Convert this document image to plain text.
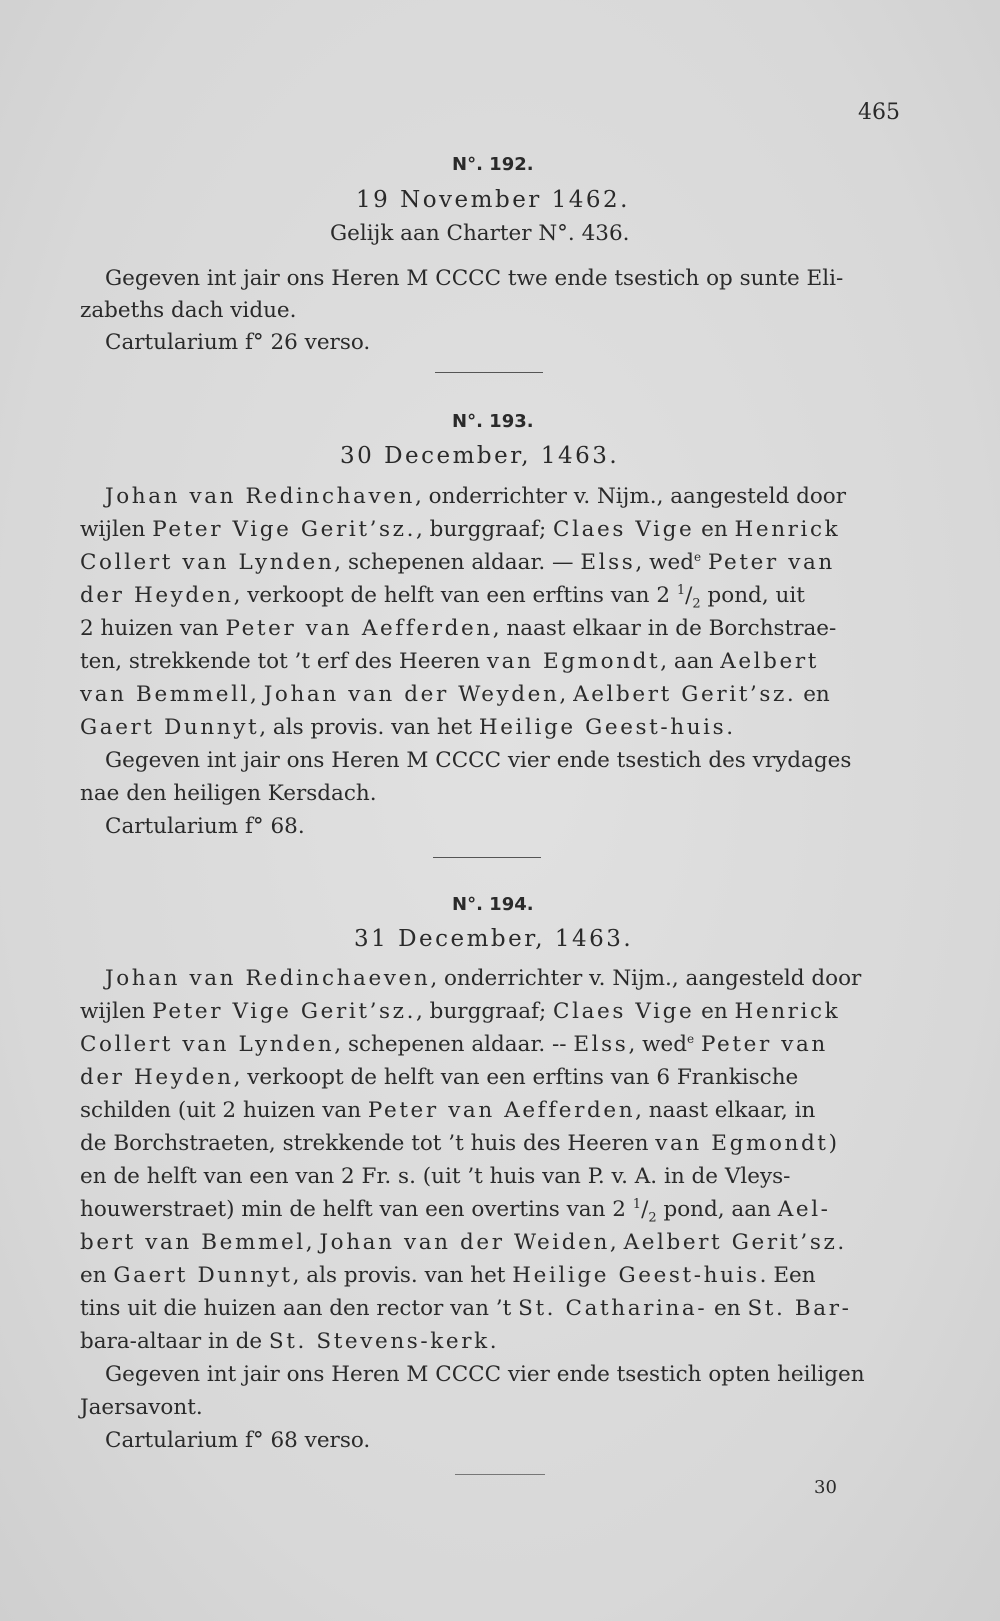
465
N°. 192.
19 November 1462.
Gelijk aan Charter N°. 436.
Gegeven int jair ons Heren M CCCC twe ende tsestich op sunte Eli-
zabeths dach vidue.
Cartularium f° 26 verso.
N°. 193.
30 December, 1463.
Johan van Redinchaven, onderrichter v. Nijm., aangesteld door
wijlen Peter Vige Gerit’sz., burggraaf; Claes Vige en Henrick
Collert van Lynden, schepenen aldaar. — Elss, wed$^e$ Peter van
der Heyden, verkoopt de helft van een erftins van 2 $^1/_2$ pond, uit
2 huizen van Peter van Aefferden, naast elkaar in de Borchstrae-
ten, strekkende tot ’t erf des Heeren van Egmondt, aan Aelbert
van Bemmell, Johan van der Weyden, Aelbert Gerit’sz. en
Gaert Dunnyt, als provis. van het Heilige Geest-huis.
Gegeven int jair ons Heren M CCCC vier ende tsestich des vrydages
nae den heiligen Kersdach.
Cartularium f° 68.
N°. 194.
31 December, 1463.
Johan van Redinchaeven, onderrichter v. Nijm., aangesteld door
wijlen Peter Vige Gerit’sz., burggraaf; Claes Vige en Henrick
Collert van Lynden, schepenen aldaar. -- Elss, wed$^e$ Peter van
der Heyden, verkoopt de helft van een erftins van 6 Frankische
schilden (uit 2 huizen van Peter van Aefferden, naast elkaar, in
de Borchstraeten, strekkende tot ’t huis des Heeren van Egmondt)
en de helft van een van 2 Fr. s. (uit ’t huis van P. v. A. in de Vleys-
houwerstraet) min de helft van een overtins van 2 $^1/_2$ pond, aan Ael-
bert van Bemmel, Johan van der Weiden, Aelbert Gerit’sz.
en Gaert Dunnyt, als provis. van het Heilige Geest-huis. Een
tins uit die huizen aan den rector van ’t St. Catharina- en St. Bar-
bara-altaar in de St. Stevens-kerk.
Gegeven int jair ons Heren M CCCC vier ende tsestich opten heiligen
Jaersavont.
Cartularium f° 68 verso.
30
